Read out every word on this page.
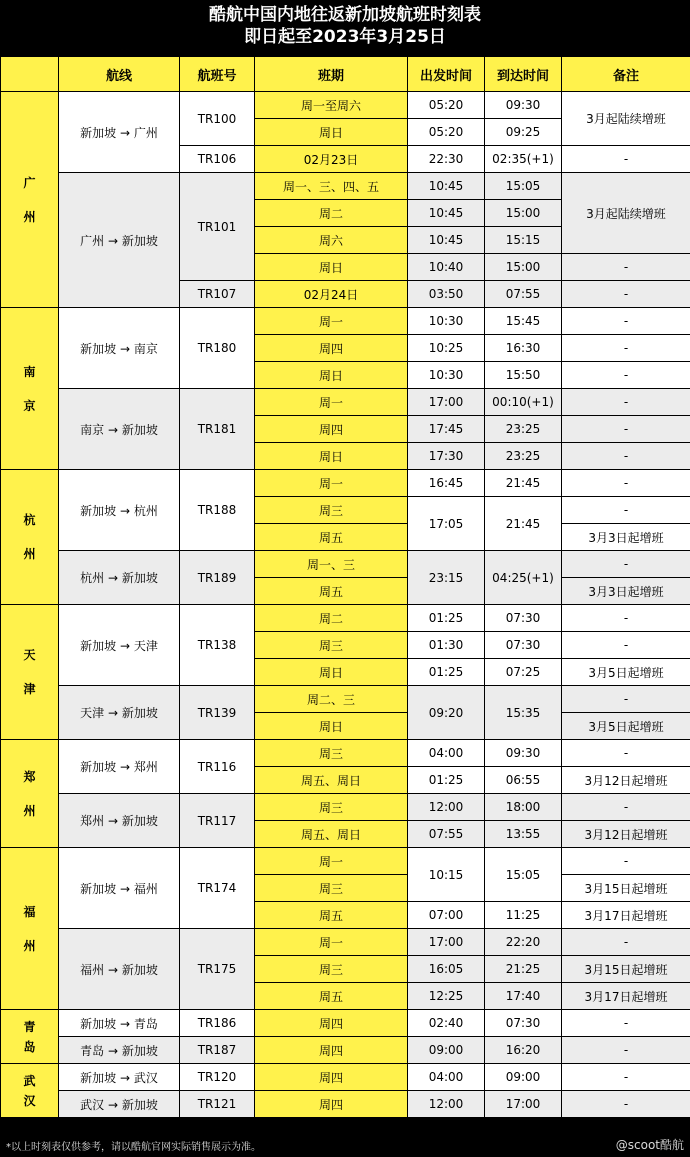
酷航中国内地往返新加坡航班时刻表
即日起至2023年3月25日
	航线	航班号	班期	出发时间	到达时间	备注

广
州	新加坡 → 广州	TR100	周一至周六	05:20	09:30	3月起陆续增班
			周日	05:20	09:25	
		TR106	02月23日	22:30	02:35(+1)	-
	广州 → 新加坡	TR101	周一、三、四、五	10:45	15:05	3月起陆续增班
			周二	10:45	15:00	
			周六	10:45	15:15	
			周日	10:40	15:00	-
		TR107	02月24日	03:50	07:55	-

南
京	新加坡 → 南京	TR180	周一	10:30	15:45	-
			周四	10:25	16:30	-
			周日	10:30	15:50	-
	南京 → 新加坡	TR181	周一	17:00	00:10(+1)	-
			周四	17:45	23:25	-
			周日	17:30	23:25	-

杭
州	新加坡 → 杭州	TR188	周一	16:45	21:45	-
			周三	17:05	21:45	-
			周五			3月3日起增班
	杭州 → 新加坡	TR189	周一、三	23:15	04:25(+1)	-
			周五			3月3日起增班

天
津	新加坡 → 天津	TR138	周二	01:25	07:30	-
			周三	01:30	07:30	-
			周日	01:25	07:25	3月5日起增班
	天津 → 新加坡	TR139	周二、三	09:20	15:35	-
			周日			3月5日起增班

郑
州	新加坡 → 郑州	TR116	周三	04:00	09:30	-
			周五、周日	01:25	06:55	3月12日起增班
	郑州 → 新加坡	TR117	周三	12:00	18:00	-
			周五、周日	07:55	13:55	3月12日起增班

福
州	新加坡 → 福州	TR174	周一	10:15	15:05	-
			周三			3月15日起增班
			周五	07:00	11:25	3月17日起增班
	福州 → 新加坡	TR175	周一	17:00	22:20	-
			周三	16:05	21:25	3月15日起增班
			周五	12:25	17:40	3月17日起增班

青
岛	新加坡 → 青岛	TR186	周四	02:40	07:30	-
	青岛 → 新加坡	TR187	周四	09:00	16:20	-

武
汉	新加坡 → 武汉	TR120	周四	04:00	09:00	-
	武汉 → 新加坡	TR121	周四	12:00	17:00	-
*以上时刻表仅供参考，请以酷航官网实际销售展示为准。	@scoot酷航
